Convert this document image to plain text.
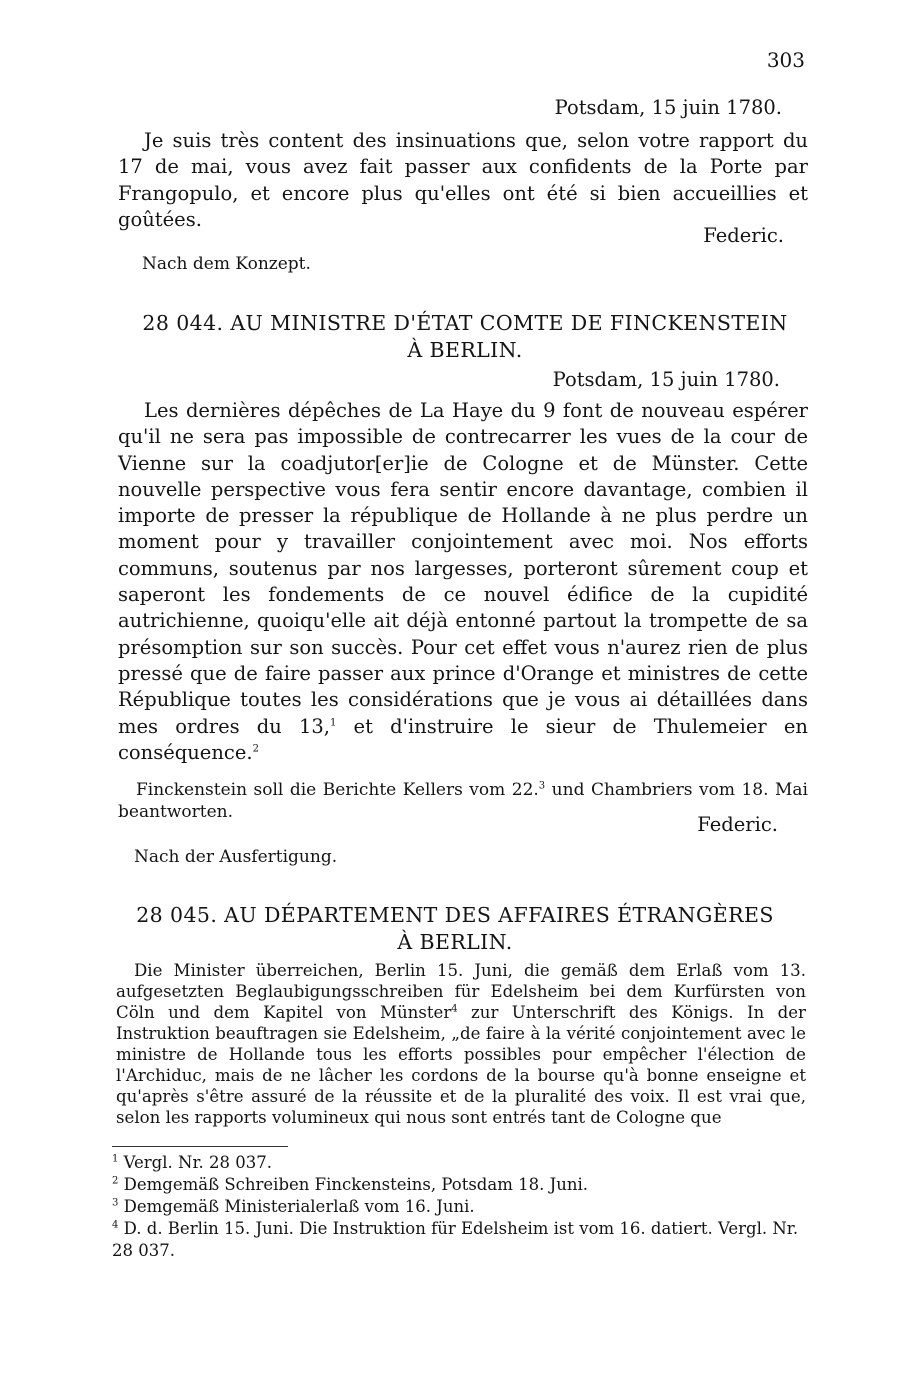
303
Potsdam, 15 juin 1780.

Je suis très content des insinuations que, selon votre rapport du 17 de mai, vous avez fait passer aux confidents de la Porte par Frangopulo, et encore plus qu'elles ont été si bien accueillies et goûtées.

Federic.
Nach dem Konzept.
28 044. AU MINISTRE D'ÉTAT COMTE DE FINCKENSTEIN
À BERLIN.
Potsdam, 15 juin 1780.

Les dernières dépêches de La Haye du 9 font de nouveau espérer qu'il ne sera pas impossible de contrecarrer les vues de la cour de Vienne sur la coadjutor[er]ie de Cologne et de Münster. Cette nouvelle perspective vous fera sentir encore davantage, combien il importe de presser la république de Hollande à ne plus perdre un moment pour y travailler conjointement avec moi. Nos efforts communs, soutenus par nos largesses, porteront sûrement coup et saperont les fondements de ce nouvel édifice de la cupidité autrichienne, quoiqu'elle ait déjà entonné partout la trompette de sa présomption sur son succès. Pour cet effet vous n'aurez rien de plus pressé que de faire passer aux prince d'Orange et ministres de cette République toutes les considérations que je vous ai détaillées dans mes ordres du 13,$^1$ et d'instruire le sieur de Thulemeier en conséquence.$^2$

Finckenstein soll die Berichte Kellers vom 22.$^3$ und Chambriers vom 18. Mai beantworten.

Federic.
Nach der Ausfertigung.
28 045. AU DÉPARTEMENT DES AFFAIRES ÉTRANGÈRES
À BERLIN.

Die Minister überreichen, Berlin 15. Juni, die gemäß dem Erlaß vom 13. aufgesetzten Beglaubigungsschreiben für Edelsheim bei dem Kurfürsten von Cöln und dem Kapitel von Münster$^4$ zur Unterschrift des Königs. In der Instruktion beauftragen sie Edelsheim, „de faire à la vérité conjointement avec le ministre de Hollande tous les efforts possibles pour empêcher l'élection de l'Archiduc, mais de ne lâcher les cordons de la bourse qu'à bonne enseigne et qu'après s'être assuré de la réussite et de la pluralité des voix. Il est vrai que, selon les rapports volumineux qui nous sont entrés tant de Cologne que

$^1$ Vergl. Nr. 28 037.
$^2$ Demgemäß Schreiben Finckensteins, Potsdam 18. Juni.
$^3$ Demgemäß Ministerialerlaß vom 16. Juni.
$^4$ D. d. Berlin 15. Juni. Die Instruktion für Edelsheim ist vom 16. datiert. Vergl. Nr. 28 037.
